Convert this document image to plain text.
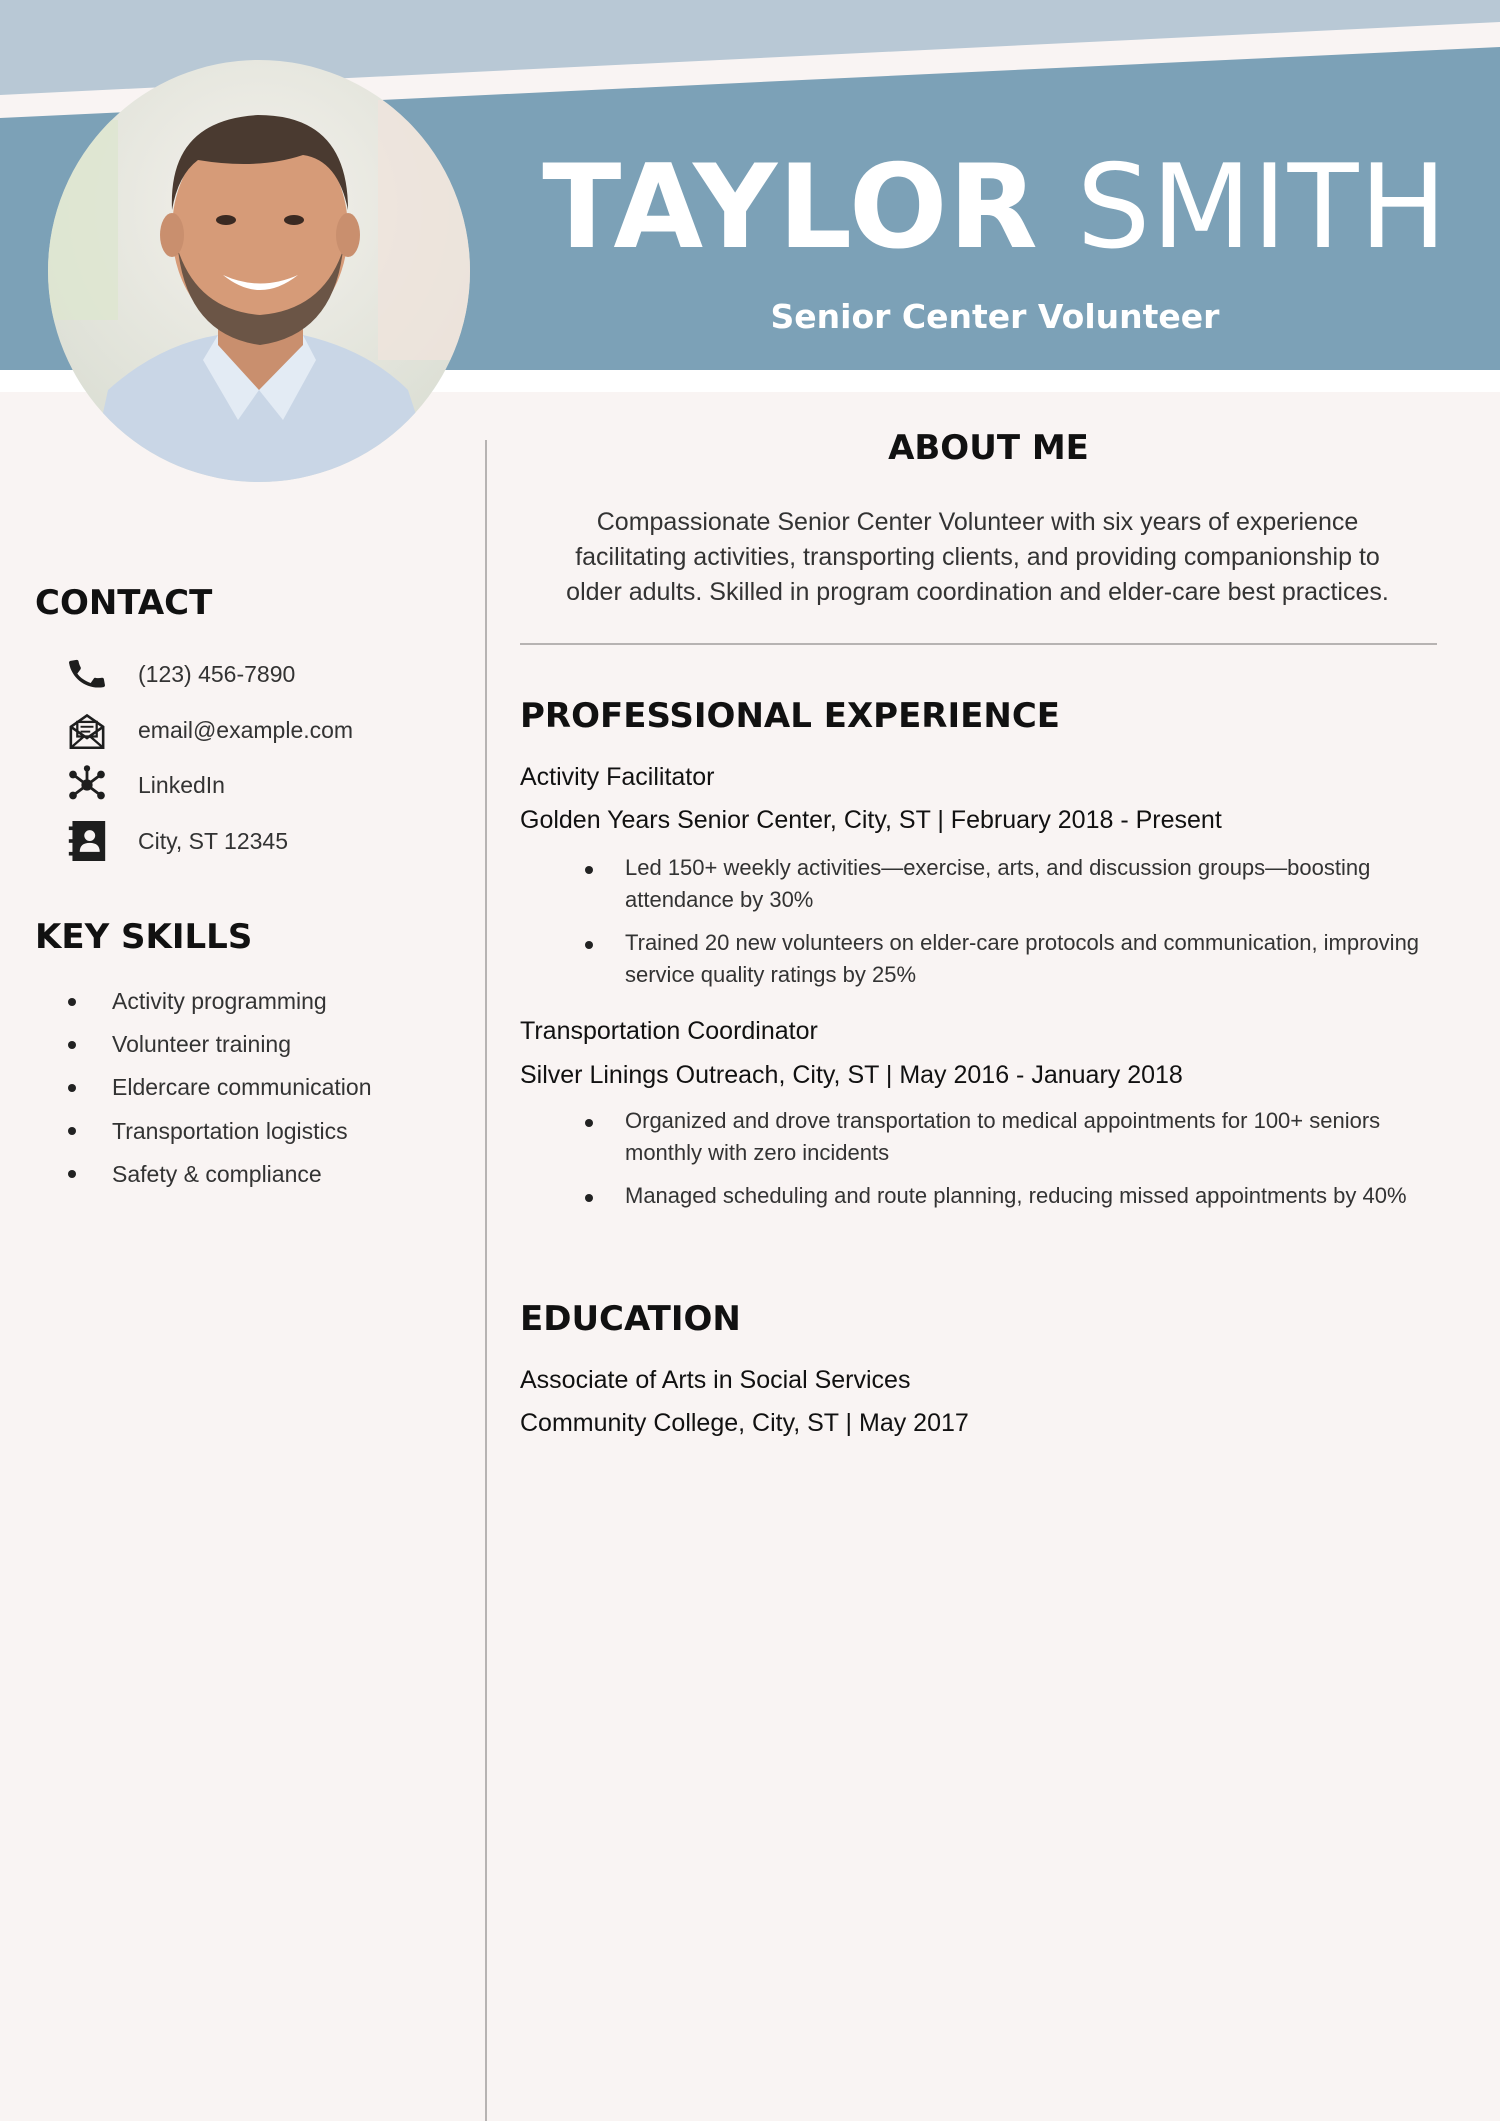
TAYLOR SMITH
Senior Center Volunteer
CONTACT
(123) 456-7890
email@example.com
LinkedIn
City, ST 12345
KEY SKILLS
Activity programming
Volunteer training
Eldercare communication
Transportation logistics
Safety & compliance
ABOUT ME

Compassionate Senior Center Volunteer with six years of experience
facilitating activities, transporting clients, and providing companionship to
older adults. Skilled in program coordination and elder-care best practices.

PROFESSIONAL EXPERIENCE
Activity Facilitator
Golden Years Senior Center, City, ST | February 2018 - Present
Led 150+ weekly activities—exercise, arts, and discussion groups—boosting attendance by 30%
Trained 20 new volunteers on elder-care protocols and communication, improving service quality ratings by 25%
Transportation Coordinator
Silver Linings Outreach, City, ST | May 2016 - January 2018
Organized and drove transportation to medical appointments for 100+ seniors monthly with zero incidents
Managed scheduling and route planning, reducing missed appointments by 40%
EDUCATION
Associate of Arts in Social Services
Community College, City, ST | May 2017
